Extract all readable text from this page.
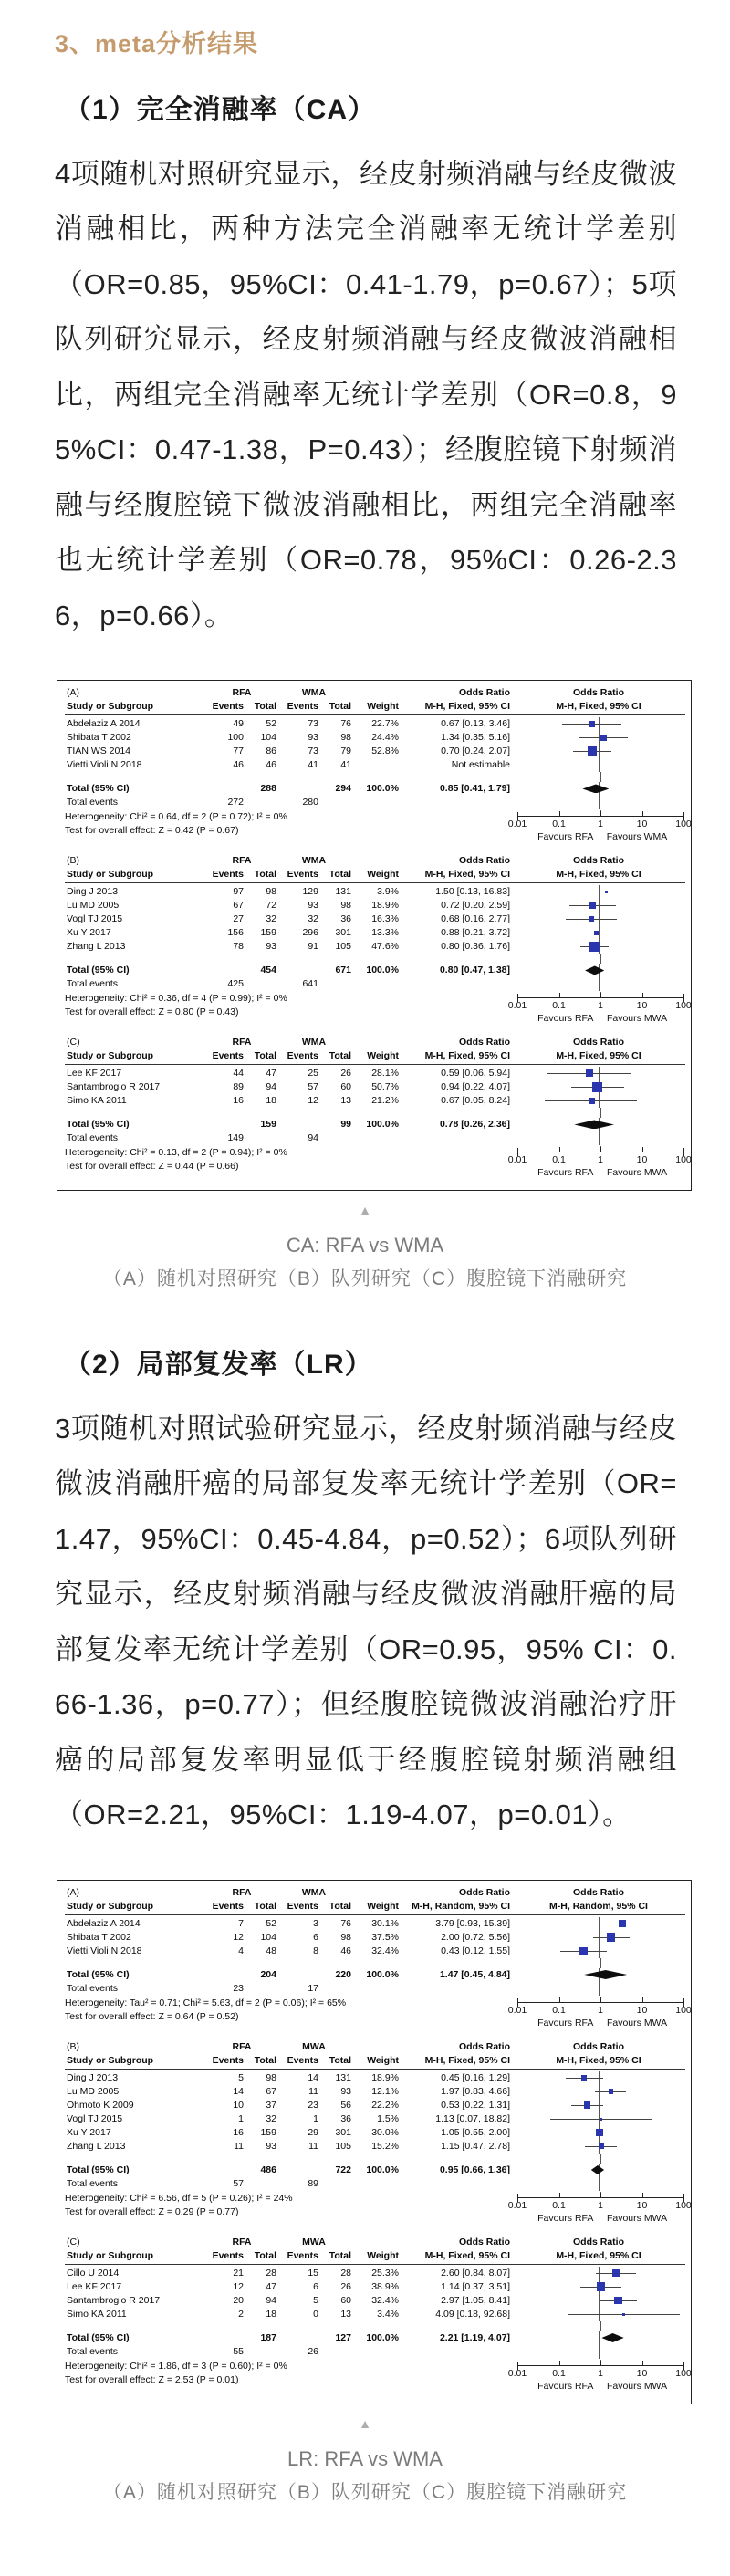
3、meta分析结果
（1）完全消融率（CA）

4项随机对照研究显示，经皮射频消融与经皮微波消融相比，两种方法完全消融率无统计学差别（OR=0.85，95%CI：0.41-1.79，p=0.67）；5项队列研究显示，经皮射频消融与经皮微波消融相比，两组完全消融率无统计学差别（OR=0.8，95%CI：0.47-1.38，P=0.43）；经腹腔镜下射频消融与经腹腔镜下微波消融相比，两组完全消融率也无统计学差别（OR=0.78，95%CI：0.26-2.36，p=0.66）。

(A)	RFA	WMA	Odds Ratio	Odds Ratio
Study or Subgroup	Events	Total	Events	Total	Weight	M-H, Fixed, 95% CI	M-H, Fixed, 95% CI
Abdelaziz A 2014	49	52	73	76	22.7%	0.67 [0.13, 3.46]
Shibata T 2002	100	104	93	98	24.4%	1.34 [0.35, 5.16]
TIAN WS 2014	77	86	73	79	52.8%	0.70 [0.24, 2.07]
Vietti Violi N 2018	46	46	41	41	Not estimable
Total (95% CI)	288	294	100.0%	0.85 [0.41, 1.79]
Total events	272	280
Heterogeneity: Chi² = 0.64, df = 2 (P = 0.72); I² = 0%
Test for overall effect: Z = 0.42 (P = 0.67)
0.01	0.1	1	10	100
Favours RFA Favours WMA
(B)	RFA	WMA	Odds Ratio	Odds Ratio
Study or Subgroup	Events	Total	Events	Total	Weight	M-H, Fixed, 95% CI	M-H, Fixed, 95% CI
Ding J 2013	97	98	129	131	3.9%	1.50 [0.13, 16.83]
Lu MD 2005	67	72	93	98	18.9%	0.72 [0.20, 2.59]
Vogl TJ 2015	27	32	32	36	16.3%	0.68 [0.16, 2.77]
Xu Y 2017	156	159	296	301	13.3%	0.88 [0.21, 3.72]
Zhang L 2013	78	93	91	105	47.6%	0.80 [0.36, 1.76]
Total (95% CI)	454	671	100.0%	0.80 [0.47, 1.38]
Total events	425	641
Heterogeneity: Chi² = 0.36, df = 4 (P = 0.99); I² = 0%
Test for overall effect: Z = 0.80 (P = 0.43)
0.01	0.1	1	10	100
Favours RFA Favours MWA
(C)	RFA	WMA	Odds Ratio	Odds Ratio
Study or Subgroup	Events	Total	Events	Total	Weight	M-H, Fixed, 95% CI	M-H, Fixed, 95% CI
Lee KF 2017	44	47	25	26	28.1%	0.59 [0.06, 5.94]
Santambrogio R 2017	89	94	57	60	50.7%	0.94 [0.22, 4.07]
Simo KA 2011	16	18	12	13	21.2%	0.67 [0.05, 8.24]
Total (95% CI)	159	99	100.0%	0.78 [0.26, 2.36]
Total events	149	94
Heterogeneity: Chi² = 0.13, df = 2 (P = 0.94); I² = 0%
Test for overall effect: Z = 0.44 (P = 0.66)
0.01	0.1	1	10	100
Favours RFA Favours MWA
▲
CA: RFA vs WMA
（A）随机对照研究（B）队列研究（C）腹腔镜下消融研究
（2）局部复发率（LR）

3项随机对照试验研究显示，经皮射频消融与经皮微波消融肝癌的局部复发率无统计学差别（OR=1.47，95%CI：0.45-4.84，p=0.52）；6项队列研究显示，经皮射频消融与经皮微波消融肝癌的局部复发率无统计学差别（OR=0.95，95% CI：0.66-1.36，p=0.77）；但经腹腔镜微波消融治疗肝癌的局部复发率明显低于经腹腔镜射频消融组（OR=2.21，95%CI：1.19-4.07，p=0.01）。

(A)	RFA	WMA	Odds Ratio	Odds Ratio
Study or Subgroup	Events	Total	Events	Total	Weight	M-H, Random, 95% CI	M-H, Random, 95% CI
Abdelaziz A 2014	7	52	3	76	30.1%	3.79 [0.93, 15.39]
Shibata T 2002	12	104	6	98	37.5%	2.00 [0.72, 5.56]
Vietti Violi N 2018	4	48	8	46	32.4%	0.43 [0.12, 1.55]
Total (95% CI)	204	220	100.0%	1.47 [0.45, 4.84]
Total events	23	17
Heterogeneity: Tau² = 0.71; Chi² = 5.63, df = 2 (P = 0.06); I² = 65%
Test for overall effect: Z = 0.64 (P = 0.52)
0.01	0.1	1	10	100
Favours RFA Favours MWA
(B)	RFA	MWA	Odds Ratio	Odds Ratio
Study or Subgroup	Events	Total	Events	Total	Weight	M-H, Fixed, 95% CI	M-H, Fixed, 95% CI
Ding J 2013	5	98	14	131	18.9%	0.45 [0.16, 1.29]
Lu MD 2005	14	67	11	93	12.1%	1.97 [0.83, 4.66]
Ohmoto K 2009	10	37	23	56	22.2%	0.53 [0.22, 1.31]
Vogl TJ 2015	1	32	1	36	1.5%	1.13 [0.07, 18.82]
Xu Y 2017	16	159	29	301	30.0%	1.05 [0.55, 2.00]
Zhang L 2013	11	93	11	105	15.2%	1.15 [0.47, 2.78]
Total (95% CI)	486	722	100.0%	0.95 [0.66, 1.36]
Total events	57	89
Heterogeneity: Chi² = 6.56, df = 5 (P = 0.26); I² = 24%
Test for overall effect: Z = 0.29 (P = 0.77)
0.01	0.1	1	10	100
Favours RFA Favours MWA
(C)	RFA	MWA	Odds Ratio	Odds Ratio
Study or Subgroup	Events	Total	Events	Total	Weight	M-H, Fixed, 95% CI	M-H, Fixed, 95% CI
Cillo U 2014	21	28	15	28	25.3%	2.60 [0.84, 8.07]
Lee KF 2017	12	47	6	26	38.9%	1.14 [0.37, 3.51]
Santambrogio R 2017	20	94	5	60	32.4%	2.97 [1.05, 8.41]
Simo KA 2011	2	18	0	13	3.4%	4.09 [0.18, 92.68]
Total (95% CI)	187	127	100.0%	2.21 [1.19, 4.07]
Total events	55	26
Heterogeneity: Chi² = 1.86, df = 3 (P = 0.60); I² = 0%
Test for overall effect: Z = 2.53 (P = 0.01)
0.01	0.1	1	10	100
Favours RFA Favours MWA
▲
LR: RFA vs WMA
（A）随机对照研究（B）队列研究（C）腹腔镜下消融研究
